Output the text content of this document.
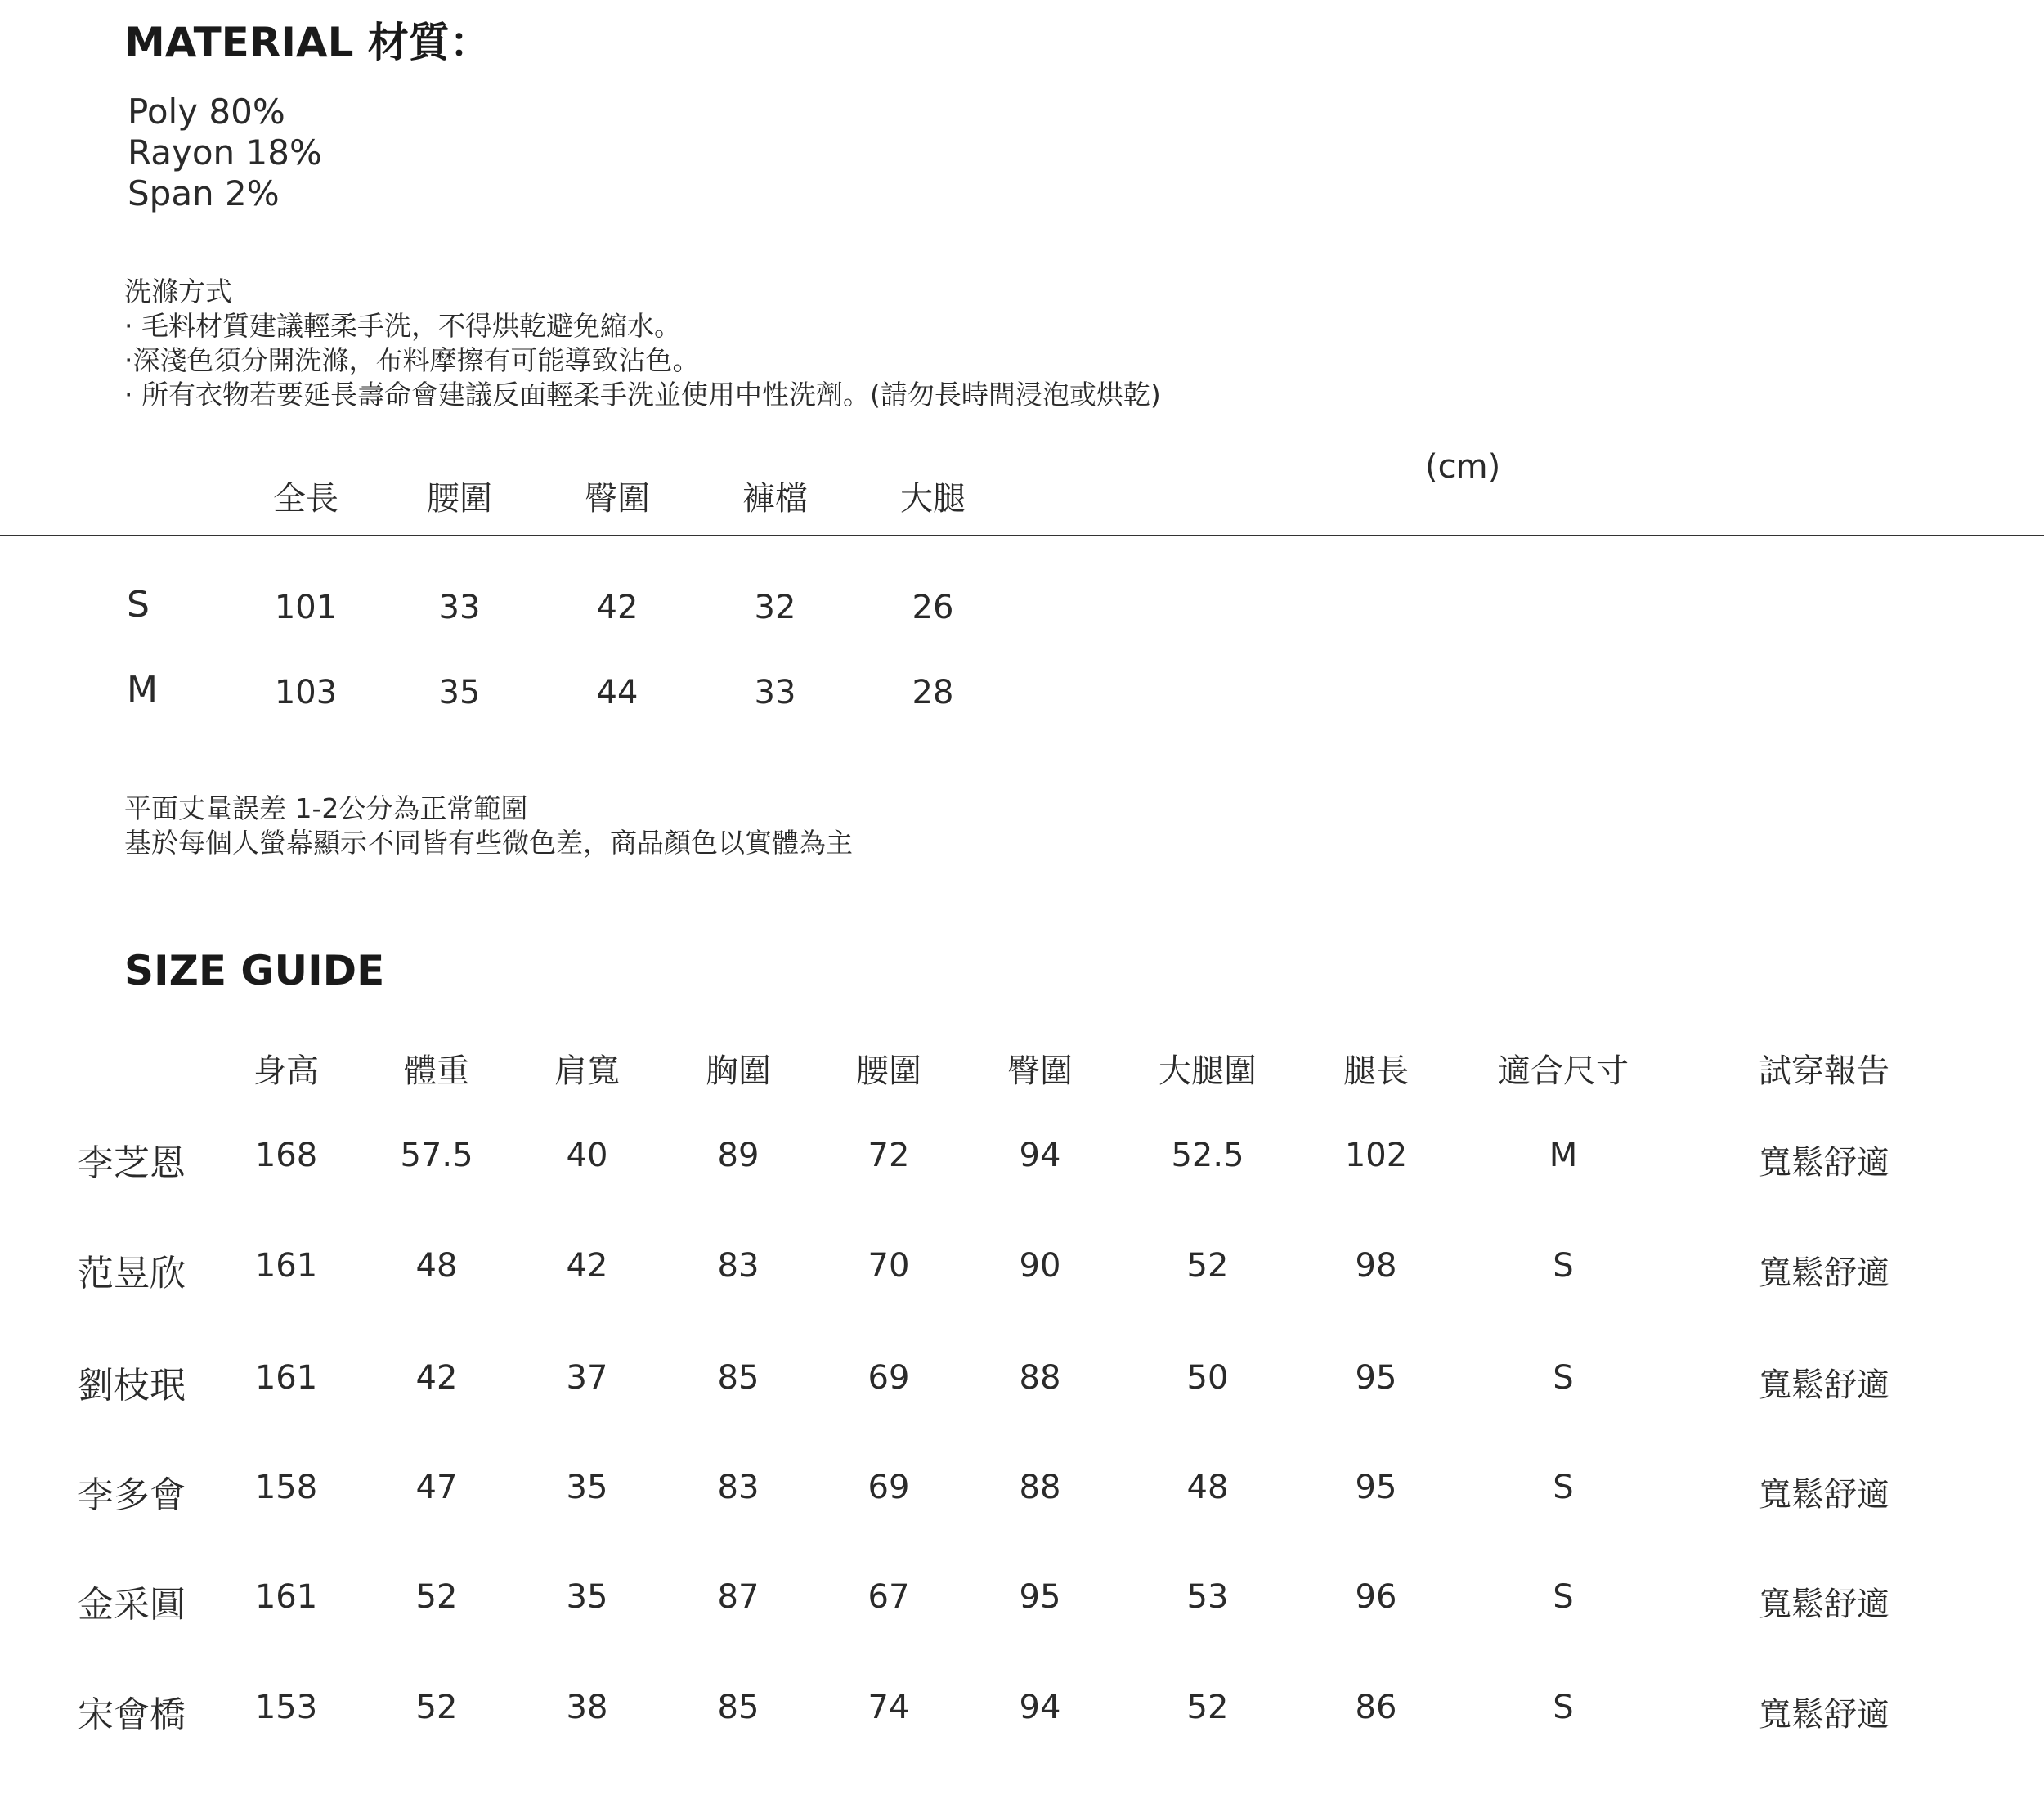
MATERIAL 材質：
Poly 80%
Rayon 18%
Span 2%
洗滌方式
· 毛料材質建議輕柔手洗，不得烘乾避免縮水。
·深淺色須分開洗滌，布料摩擦有可能導致沾色。
· 所有衣物若要延長壽命會建議反面輕柔手洗並使用中性洗劑。(請勿長時間浸泡或烘乾)
(cm)
全長	腰圍	臀圍	褲檔	大腿
S	101	33	42	32	26
M	103	35	44	33	28
平面丈量誤差 1-2公分為正常範圍
基於每個人螢幕顯示不同皆有些微色差，商品顏色以實體為主
SIZE GUIDE
身高	體重	肩寬	胸圍	腰圍	臀圍	大腿圍	腿長	適合尺寸	試穿報告
李芝恩 168	57.5	40	89	72	94	52.5	102	M	寬鬆舒適
范昱欣 161	48	42	83	70	90	52	98	S	寬鬆舒適
劉枝珉 161	42	37	85	69	88	50	95	S	寬鬆舒適
李多會 158	47	35	83	69	88	48	95	S	寬鬆舒適
金采圓 161	52	35	87	67	95	53	96	S	寬鬆舒適
宋會橋 153	52	38	85	74	94	52	86	S	寬鬆舒適
